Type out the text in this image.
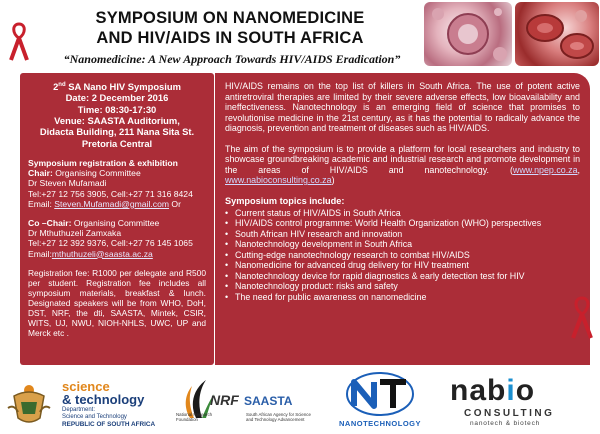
SYMPOSIUM ON NANOMEDICINE
AND HIV/AIDS IN SOUTH AFRICA
“Nanomedicine: A New Approach Towards HIV/AIDS Eradication”
2nd SA Nano HIV Symposium
Date: 2 December 2016
Time: 08:30-17:30
Venue: SAASTA Auditorium,
Didacta Building, 211 Nana Sita St.
Pretoria Central
Symposium registration & exhibition
Chair: Organising Committee
Dr Steven Mufamadi
Tel:+27 12 756 3905, Cell:+27 71 316 8424
Email: Steven.Mufamadi@gmail.com Or
Co –Chair: Organising Committee
Dr Mthuthuzeli Zamxaka
Tel:+27 12 392 9376, Cell:+27 76 145 1065
Email:mthuthuzeli@saasta.ac.za
Registration fee: R1000 per delegate and R500 per student. Registration fee includes all symposium materials, breakfast & lunch. Designated speakers will be from WHO, DoH, DST, NRF, the dti, SAASTA, Mintek, CSIR, WITS, UJ, NWU, NIOH-NHLS, UWC, UP and Merck etc .
HIV/AIDS remains on the top list of killers in South Africa. The use of potent active antiretroviral therapies are limited by their severe adverse effects, low bioavailability and ineffectiveness. Nanotechnology is an emerging field of science that promises to revolutionise medicine in the 21st century, as it has the potential to radically advance the diagnosis, prevention and treatment of diseases such as HIV/AIDS.
The aim of the symposium is to provide a platform for local researchers and industry to showcase groundbreaking academic and industrial research and promote development in the areas of HIV/AIDS and nanotechnology. (www.npep.co.za, www.nabioconsulting.co.za)
Symposium topics include:
• Current status of HIV/AIDS in South Africa
• HIV/AIDS control programme: World Health Organization (WHO) perspectives
• South African HIV research and innovation
• Nanotechnology development in South Africa
• Cutting-edge nanotechnology research to combat HIV/AIDS
• Nanomedicine for advanced drug delivery for HIV treatment
• Nanotechnology device for rapid diagnostics & early detection test for HIV
• Nanotechnology product: risks and safety
• The need for public awareness on nanomedicine
science
& technology
Department:
Science and Technology
REPUBLIC OF SOUTH AFRICA
NRF SAASTA
National Research
FoundationSouth African Agency for Science
and Technology Advancement	NANOTECHNOLOGY
nabio
CONSULTING
nanotech & biotech
